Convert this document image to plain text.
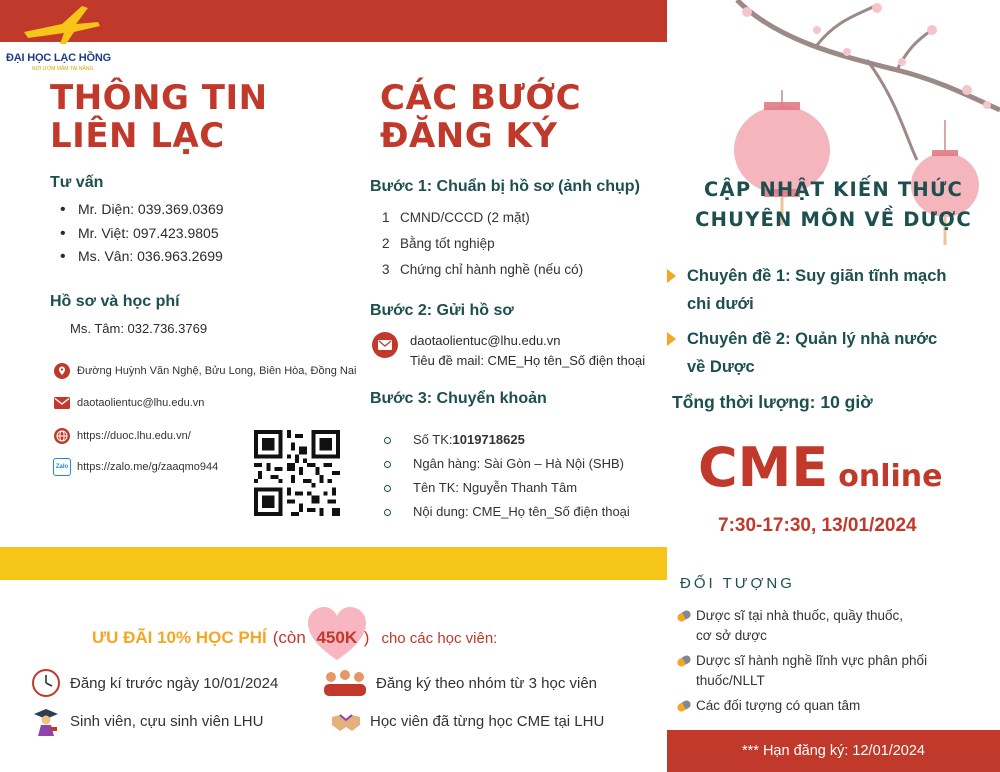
ĐẠI HỌC LẠC HỒNG
NƠI ƯƠM MẦM TÀI NĂNG
THÔNG TIN
LIÊN LẠC
Tư vấn
• Mr. Diện: 039.369.0369
• Mr. Việt: 097.423.9805
• Ms. Vân: 036.963.2699
Hồ sơ và học phí
Ms. Tâm: 032.736.3769
Đường Huỳnh Văn Nghệ, Bửu Long, Biên Hòa, Đồng Nai
daotaolientuc@lhu.edu.vn
https://duoc.lhu.edu.vn/
Zalo https://zalo.me/g/zaaqmo944
CÁC BƯỚC
ĐĂNG KÝ
Bước 1: Chuẩn bị hồ sơ (ảnh chụp)
1 CMND/CCCD (2 mặt)
2 Bằng tốt nghiệp
3 Chứng chỉ hành nghề (nếu có)
Bước 2: Gửi hồ sơ
daotaolientuc@lhu.edu.vn
Tiêu đề mail: CME_Họ tên_Số điện thoại
Bước 3: Chuyển khoản
Số TK: 1019718625
Ngân hàng: Sài Gòn – Hà Nội (SHB)
Tên TK: Nguyễn Thanh Tâm
Nội dung: CME_Họ tên_Số điện thoại
ƯU ĐÃI 10% HỌC PHÍ (còn 450K ) cho các học viên:
Đăng kí trước ngày 10/01/2024	Đăng ký theo nhóm từ 3 học viên
Sinh viên, cựu sinh viên LHU	Học viên đã từng học CME tại LHU
CẬP NHẬT KIẾN THỨC
CHUYÊN MÔN VỀ DƯỢC
Chuyên đề 1: Suy giãn tĩnh mạch
chi dưới
Chuyên đề 2: Quản lý nhà nước
về Dược
Tổng thời lượng: 10 giờ
CME online
7:30-17:30, 13/01/2024
ĐỐI TƯỢNG
Dược sĩ tại nhà thuốc, quầy thuốc,
cơ sở dược
Dược sĩ hành nghề lĩnh vực phân phối
thuốc/NLLT
Các đối tượng có quan tâm
*** Hạn đăng ký: 12/01/2024
